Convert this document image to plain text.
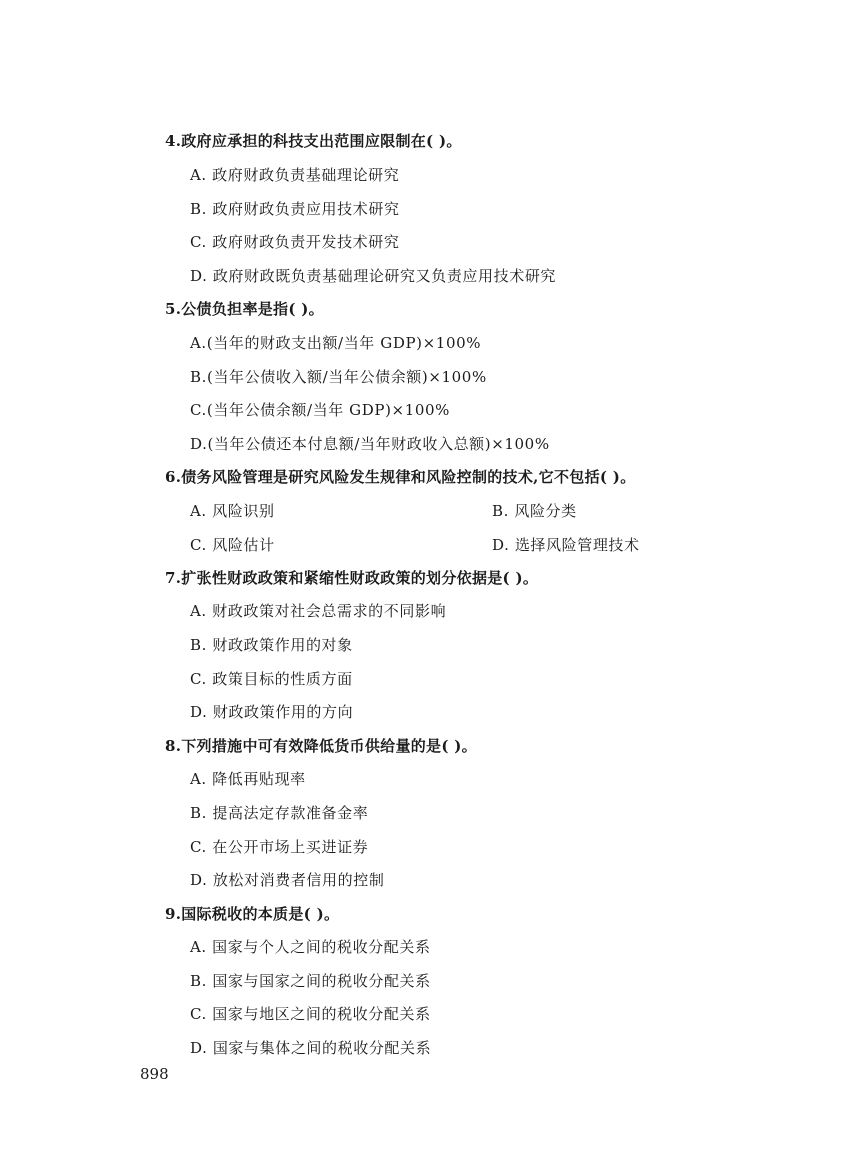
4.政府应承担的科技支出范围应限制在( )。
A. 政府财政负责基础理论研究
B. 政府财政负责应用技术研究
C. 政府财政负责开发技术研究
D. 政府财政既负责基础理论研究又负责应用技术研究
5.公债负担率是指( )。
A.(当年的财政支出额/当年 GDP)×100%
B.(当年公债收入额/当年公债余额)×100%
C.(当年公债余额/当年 GDP)×100%
D.(当年公债还本付息额/当年财政收入总额)×100%
6.债务风险管理是研究风险发生规律和风险控制的技术,它不包括( )。
A. 风险识别	B. 风险分类
C. 风险估计	D. 选择风险管理技术
7.扩张性财政政策和紧缩性财政政策的划分依据是( )。
A. 财政政策对社会总需求的不同影响
B. 财政政策作用的对象
C. 政策目标的性质方面
D. 财政政策作用的方向
8.下列措施中可有效降低货币供给量的是( )。
A. 降低再贴现率
B. 提高法定存款准备金率
C. 在公开市场上买进证券
D. 放松对消费者信用的控制
9.国际税收的本质是( )。
A. 国家与个人之间的税收分配关系
B. 国家与国家之间的税收分配关系
C. 国家与地区之间的税收分配关系
D. 国家与集体之间的税收分配关系
898
